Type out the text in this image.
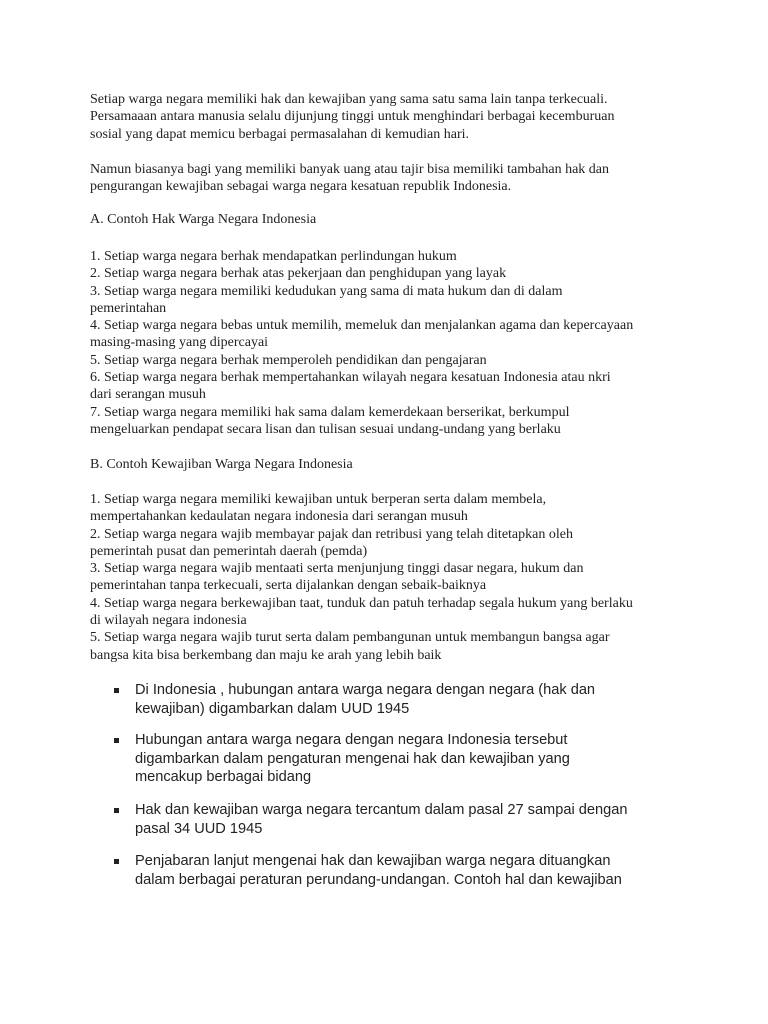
Setiap warga negara memiliki hak dan kewajiban yang sama satu sama lain tanpa terkecuali.
Persamaaan antara manusia selalu dijunjung tinggi untuk menghindari berbagai kecemburuan
sosial yang dapat memicu berbagai permasalahan di kemudian hari.
Namun biasanya bagi yang memiliki banyak uang atau tajir bisa memiliki tambahan hak dan
pengurangan kewajiban sebagai warga negara kesatuan republik Indonesia.
A. Contoh Hak Warga Negara Indonesia
1. Setiap warga negara berhak mendapatkan perlindungan hukum
2. Setiap warga negara berhak atas pekerjaan dan penghidupan yang layak
3. Setiap warga negara memiliki kedudukan yang sama di mata hukum dan di dalam
pemerintahan
4. Setiap warga negara bebas untuk memilih, memeluk dan menjalankan agama dan kepercayaan
masing-masing yang dipercayai
5. Setiap warga negara berhak memperoleh pendidikan dan pengajaran
6. Setiap warga negara berhak mempertahankan wilayah negara kesatuan Indonesia atau nkri
dari serangan musuh
7. Setiap warga negara memiliki hak sama dalam kemerdekaan berserikat, berkumpul
mengeluarkan pendapat secara lisan dan tulisan sesuai undang-undang yang berlaku
B. Contoh Kewajiban Warga Negara Indonesia
1. Setiap warga negara memiliki kewajiban untuk berperan serta dalam membela,
mempertahankan kedaulatan negara indonesia dari serangan musuh
2. Setiap warga negara wajib membayar pajak dan retribusi yang telah ditetapkan oleh
pemerintah pusat dan pemerintah daerah (pemda)
3. Setiap warga negara wajib mentaati serta menjunjung tinggi dasar negara, hukum dan
pemerintahan tanpa terkecuali, serta dijalankan dengan sebaik-baiknya
4. Setiap warga negara berkewajiban taat, tunduk dan patuh terhadap segala hukum yang berlaku
di wilayah negara indonesia
5. Setiap warga negara wajib turut serta dalam pembangunan untuk membangun bangsa agar
bangsa kita bisa berkembang dan maju ke arah yang lebih baik
Di Indonesia , hubungan antara warga negara dengan negara (hak dan
kewajiban) digambarkan dalam UUD 1945
Hubungan antara warga negara dengan negara Indonesia tersebut
digambarkan dalam pengaturan mengenai hak dan kewajiban yang
mencakup berbagai bidang
Hak dan kewajiban warga negara tercantum dalam pasal 27 sampai dengan
pasal 34 UUD 1945
Penjabaran lanjut mengenai hak dan kewajiban warga negara dituangkan
dalam berbagai peraturan perundang-undangan. Contoh hal dan kewajiban
